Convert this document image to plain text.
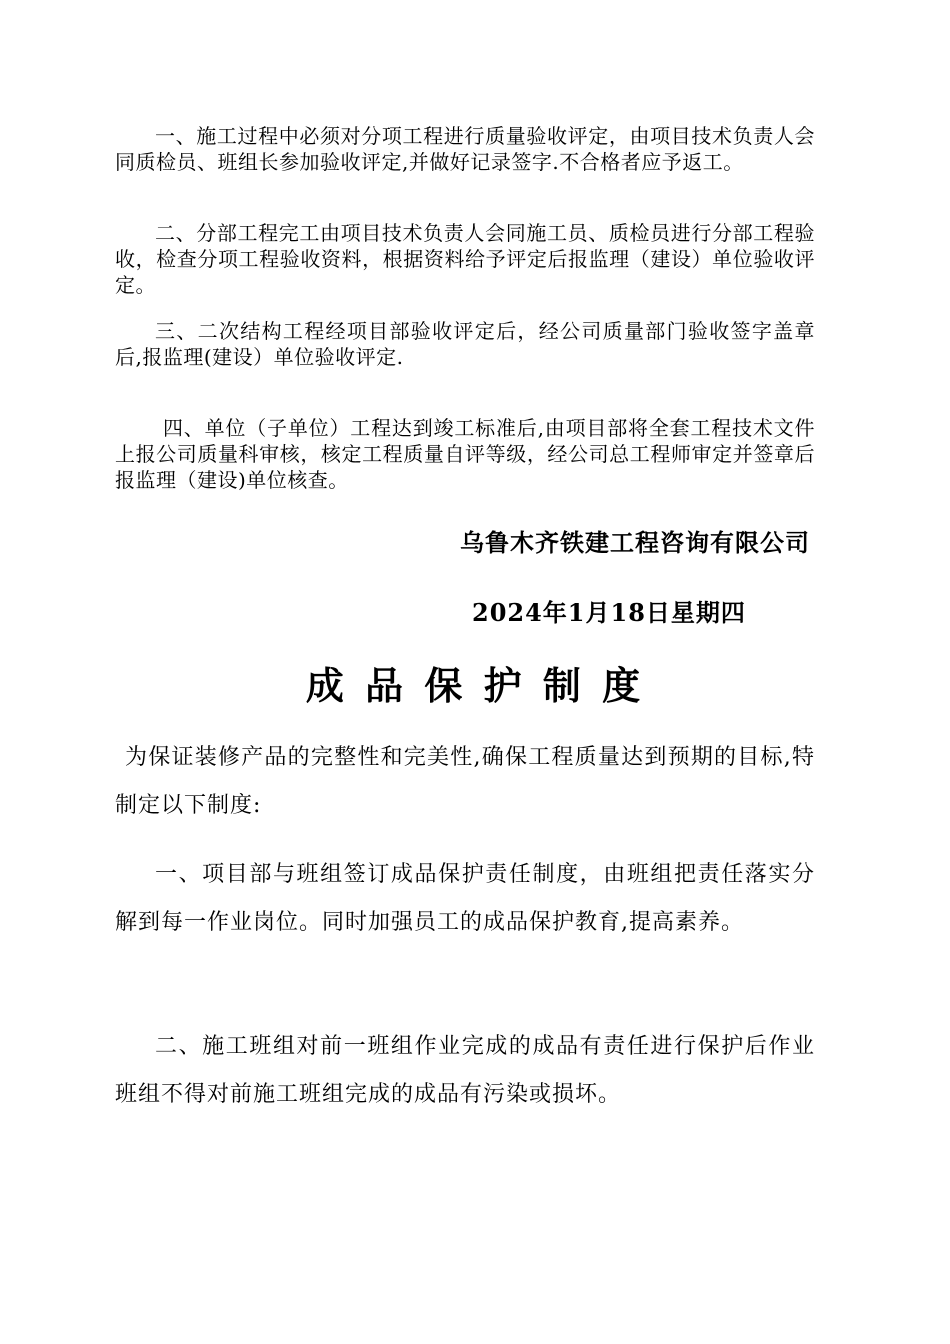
一、施工过程中必须对分项工程进行质量验收评定，由项目技术负责人会同质检员、班组长参加验收评定,并做好记录签字.不合格者应予返工。

二、分部工程完工由项目技术负责人会同施工员、质检员进行分部工程验收，检查分项工程验收资料，根据资料给予评定后报监理（建设）单位验收评定。

三、二次结构工程经项目部验收评定后，经公司质量部门验收签字盖章后,报监理(建设）单位验收评定.

四、单位（子单位）工程达到竣工标准后,由项目部将全套工程技术文件上报公司质量科审核，核定工程质量自评等级，经公司总工程师审定并签章后报监理（建设)单位核查。

乌鲁木齐铁建工程咨询有限公司

2024年1月18日星期四

成 品 保 护 制 度

为保证装修产品的完整性和完美性,确保工程质量达到预期的目标,特制定以下制度:

一、项目部与班组签订成品保护责任制度，由班组把责任落实分解到每一作业岗位。同时加强员工的成品保护教育,提高素养。

二、施工班组对前一班组作业完成的成品有责任进行保护后作业班组不得对前施工班组完成的成品有污染或损坏。
